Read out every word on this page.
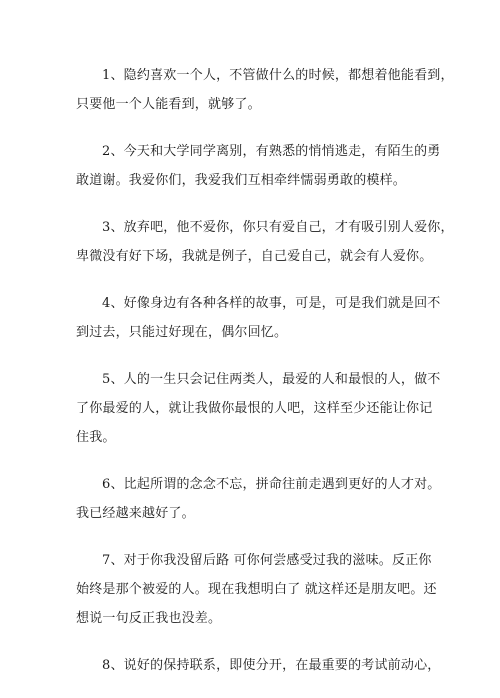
1、隐约喜欢一个人，不管做什么的时候，都想着他能看到，
只要他一个人能看到，就够了。

2、今天和大学同学离别，有熟悉的悄悄逃走，有陌生的勇
敢道谢。我爱你们，我爱我们互相牵绊懦弱勇敢的模样。

3、放弃吧，他不爱你，你只有爱自己，才有吸引别人爱你，
卑微没有好下场，我就是例子，自己爱自己，就会有人爱你。

4、好像身边有各种各样的故事，可是，可是我们就是回不
到过去，只能过好现在，偶尔回忆。

5、人的一生只会记住两类人，最爱的人和最恨的人，做不
了你最爱的人，就让我做你最恨的人吧，这样至少还能让你记
住我。

6、比起所谓的念念不忘，拼命往前走遇到更好的人才对。
我已经越来越好了。

7、对于你我没留后路 可你何尝感受过我的滋味。反正你
始终是那个被爱的人。现在我想明白了 就这样还是朋友吧。还
想说一句反正我也没差。

8、说好的保持联系，即使分开，在最重要的考试前动心，
